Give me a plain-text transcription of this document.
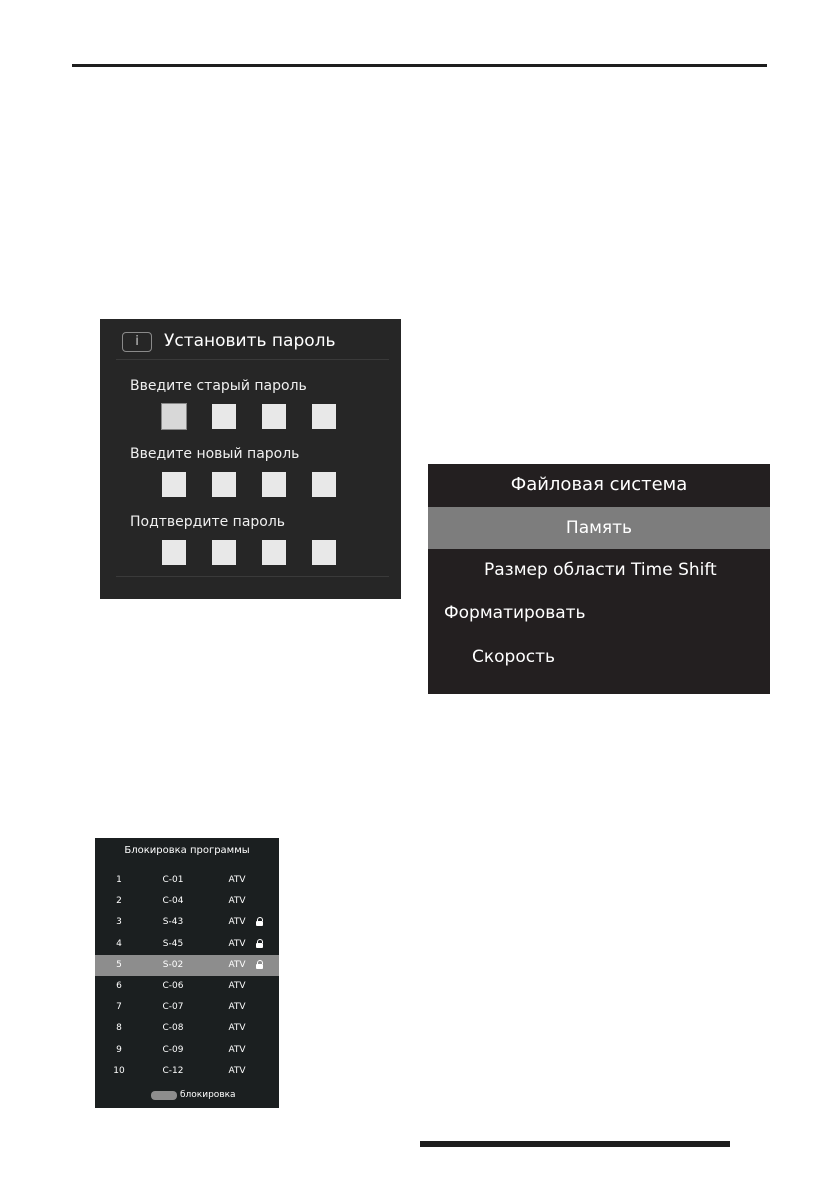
i	Установить пароль
Введите старый пароль
Введите новый пароль
Подтвердите пароль
Файловая система
Память
Размер области Time Shift
Форматировать
Скорость
Блокировка программы
1	C-01	ATV
2	C-04	ATV
3	S-43	ATV
4	S-45	ATV
5	S-02	ATV
6	C-06	ATV
7	C-07	ATV
8	C-08	ATV
9	C-09	ATV
10	C-12	ATV
блокировка
